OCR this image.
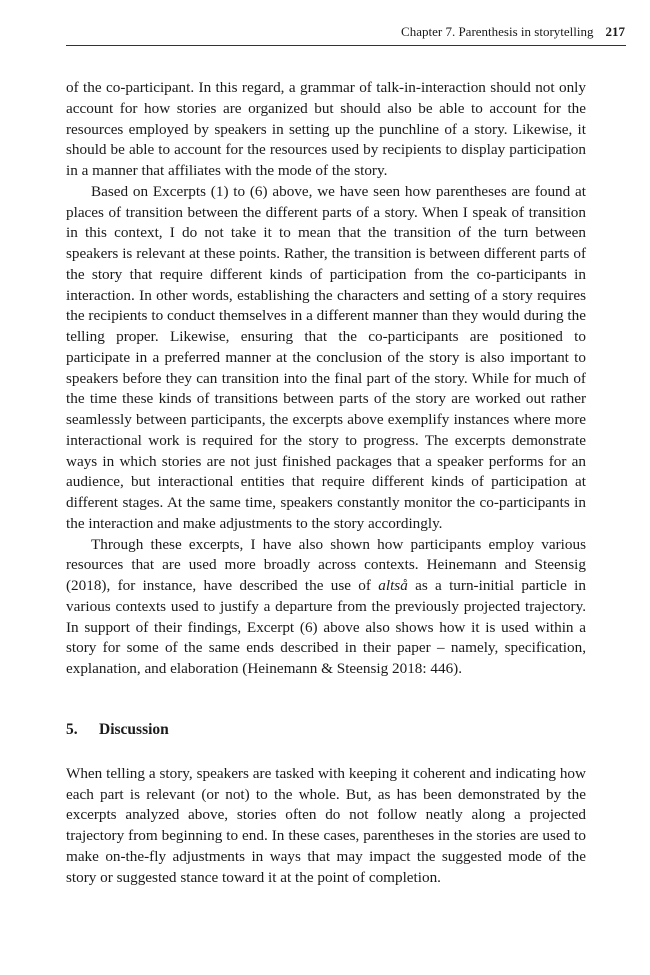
Chapter 7. Parenthesis in storytelling 217

of the co-participant. In this regard, a grammar of talk-in-interaction should not only account for how stories are organized but should also be able to account for the resources employed by speakers in setting up the punchline of a story. Likewise, it should be able to account for the resources used by recipients to display participation in a manner that affiliates with the mode of the story.

Based on Excerpts (1) to (6) above, we have seen how parentheses are found at places of transition between the different parts of a story. When I speak of transition in this context, I do not take it to mean that the transition of the turn between speakers is relevant at these points. Rather, the transition is between different parts of the story that require different kinds of participation from the co-participants in interaction. In other words, establishing the characters and setting of a story requires the recipients to conduct themselves in a different manner than they would during the telling proper. Likewise, ensuring that the co-participants are positioned to participate in a preferred manner at the conclusion of the story is also important to speakers before they can transition into the final part of the story. While for much of the time these kinds of transitions between parts of the story are worked out rather seamlessly between participants, the excerpts above exemplify instances where more interactional work is required for the story to progress. The excerpts demonstrate ways in which stories are not just finished packages that a speaker performs for an audience, but interactional entities that require different kinds of participation at different stages. At the same time, speakers constantly monitor the co-participants in the interaction and make adjustments to the story accordingly.

Through these excerpts, I have also shown how participants employ various resources that are used more broadly across contexts. Heinemann and Steensig (2018), for instance, have described the use of altså as a turn-initial particle in various contexts used to justify a departure from the previously projected trajectory. In support of their findings, Excerpt (6) above also shows how it is used within a story for some of the same ends described in their paper – namely, specification, explanation, and elaboration (Heinemann & Steensig 2018: 446).

5. Discussion

When telling a story, speakers are tasked with keeping it coherent and indicating how each part is relevant (or not) to the whole. But, as has been demonstrated by the excerpts analyzed above, stories often do not follow neatly along a projected trajectory from beginning to end. In these cases, parentheses in the stories are used to make on-the-fly adjustments in ways that may impact the suggested mode of the story or suggested stance toward it at the point of completion.
